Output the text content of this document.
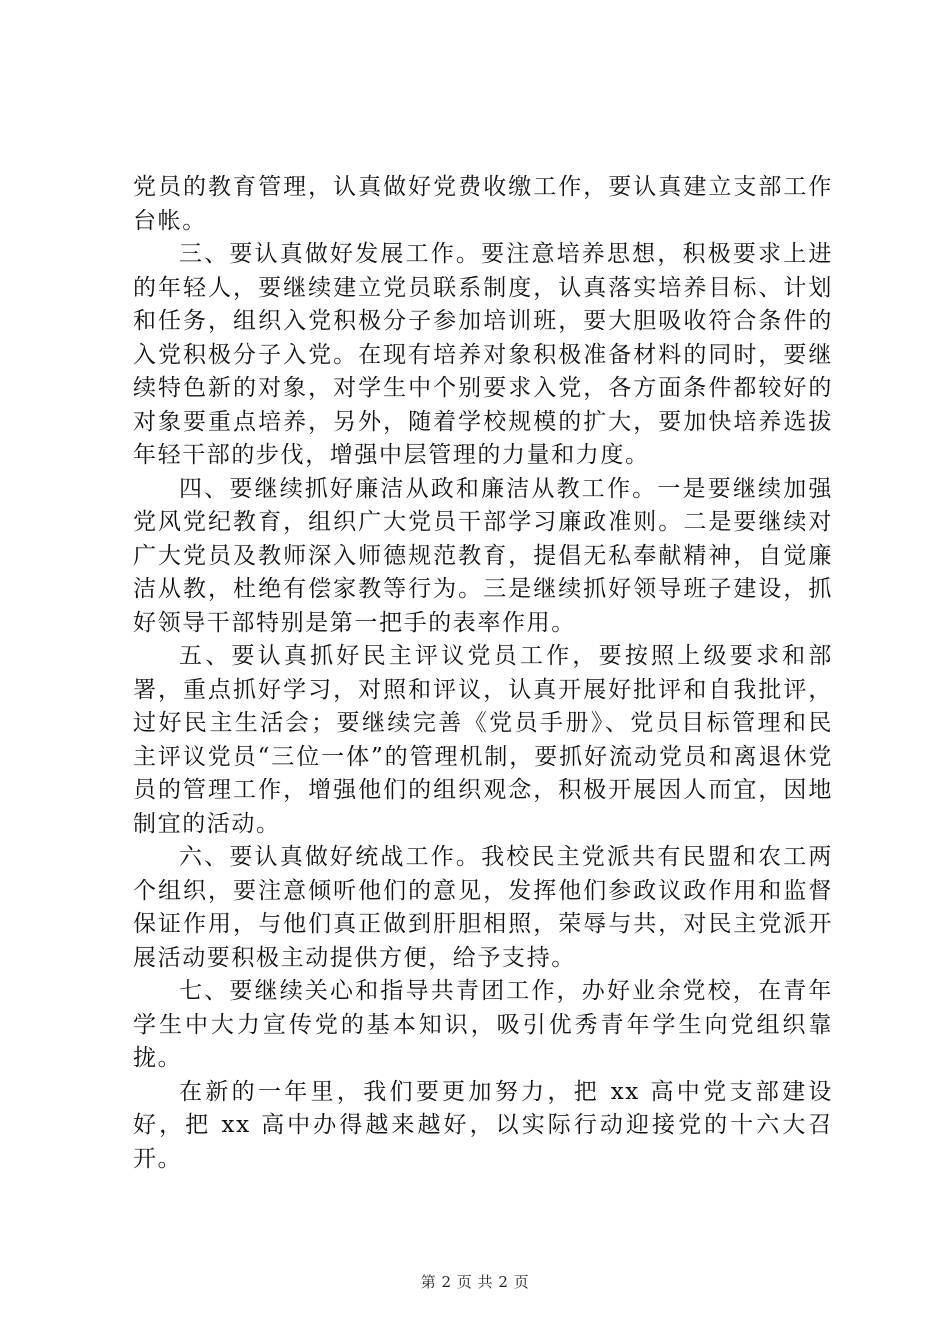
党员的教育管理，认真做好党费收缴工作，要认真建立支部工作台帐。

三、要认真做好发展工作。要注意培养思想，积极要求上进的年轻人，要继续建立党员联系制度，认真落实培养目标、计划和任务，组织入党积极分子参加培训班，要大胆吸收符合条件的入党积极分子入党。在现有培养对象积极准备材料的同时，要继续特色新的对象，对学生中个别要求入党，各方面条件都较好的对象要重点培养，另外，随着学校规模的扩大，要加快培养选拔年轻干部的步伐，增强中层管理的力量和力度。

四、要继续抓好廉洁从政和廉洁从教工作。一是要继续加强党风党纪教育，组织广大党员干部学习廉政准则。二是要继续对广大党员及教师深入师德规范教育，提倡无私奉献精神，自觉廉洁从教，杜绝有偿家教等行为。三是继续抓好领导班子建设，抓好领导干部特别是第一把手的表率作用。

五、要认真抓好民主评议党员工作，要按照上级要求和部署，重点抓好学习，对照和评议，认真开展好批评和自我批评，过好民主生活会；要继续完善《党员手册》、党员目标管理和民主评议党员“三位一体”的管理机制，要抓好流动党员和离退休党员的管理工作，增强他们的组织观念，积极开展因人而宜，因地制宜的活动。

六、要认真做好统战工作。我校民主党派共有民盟和农工两个组织，要注意倾听他们的意见，发挥他们参政议政作用和监督保证作用，与他们真正做到肝胆相照，荣辱与共，对民主党派开展活动要积极主动提供方便，给予支持。

七、要继续关心和指导共青团工作，办好业余党校，在青年学生中大力宣传党的基本知识，吸引优秀青年学生向党组织靠拢。

在新的一年里，我们要更加努力，把 xx 高中党支部建设好，把 xx 高中办得越来越好，以实际行动迎接党的十六大召开。

第 2 页 共 2 页
